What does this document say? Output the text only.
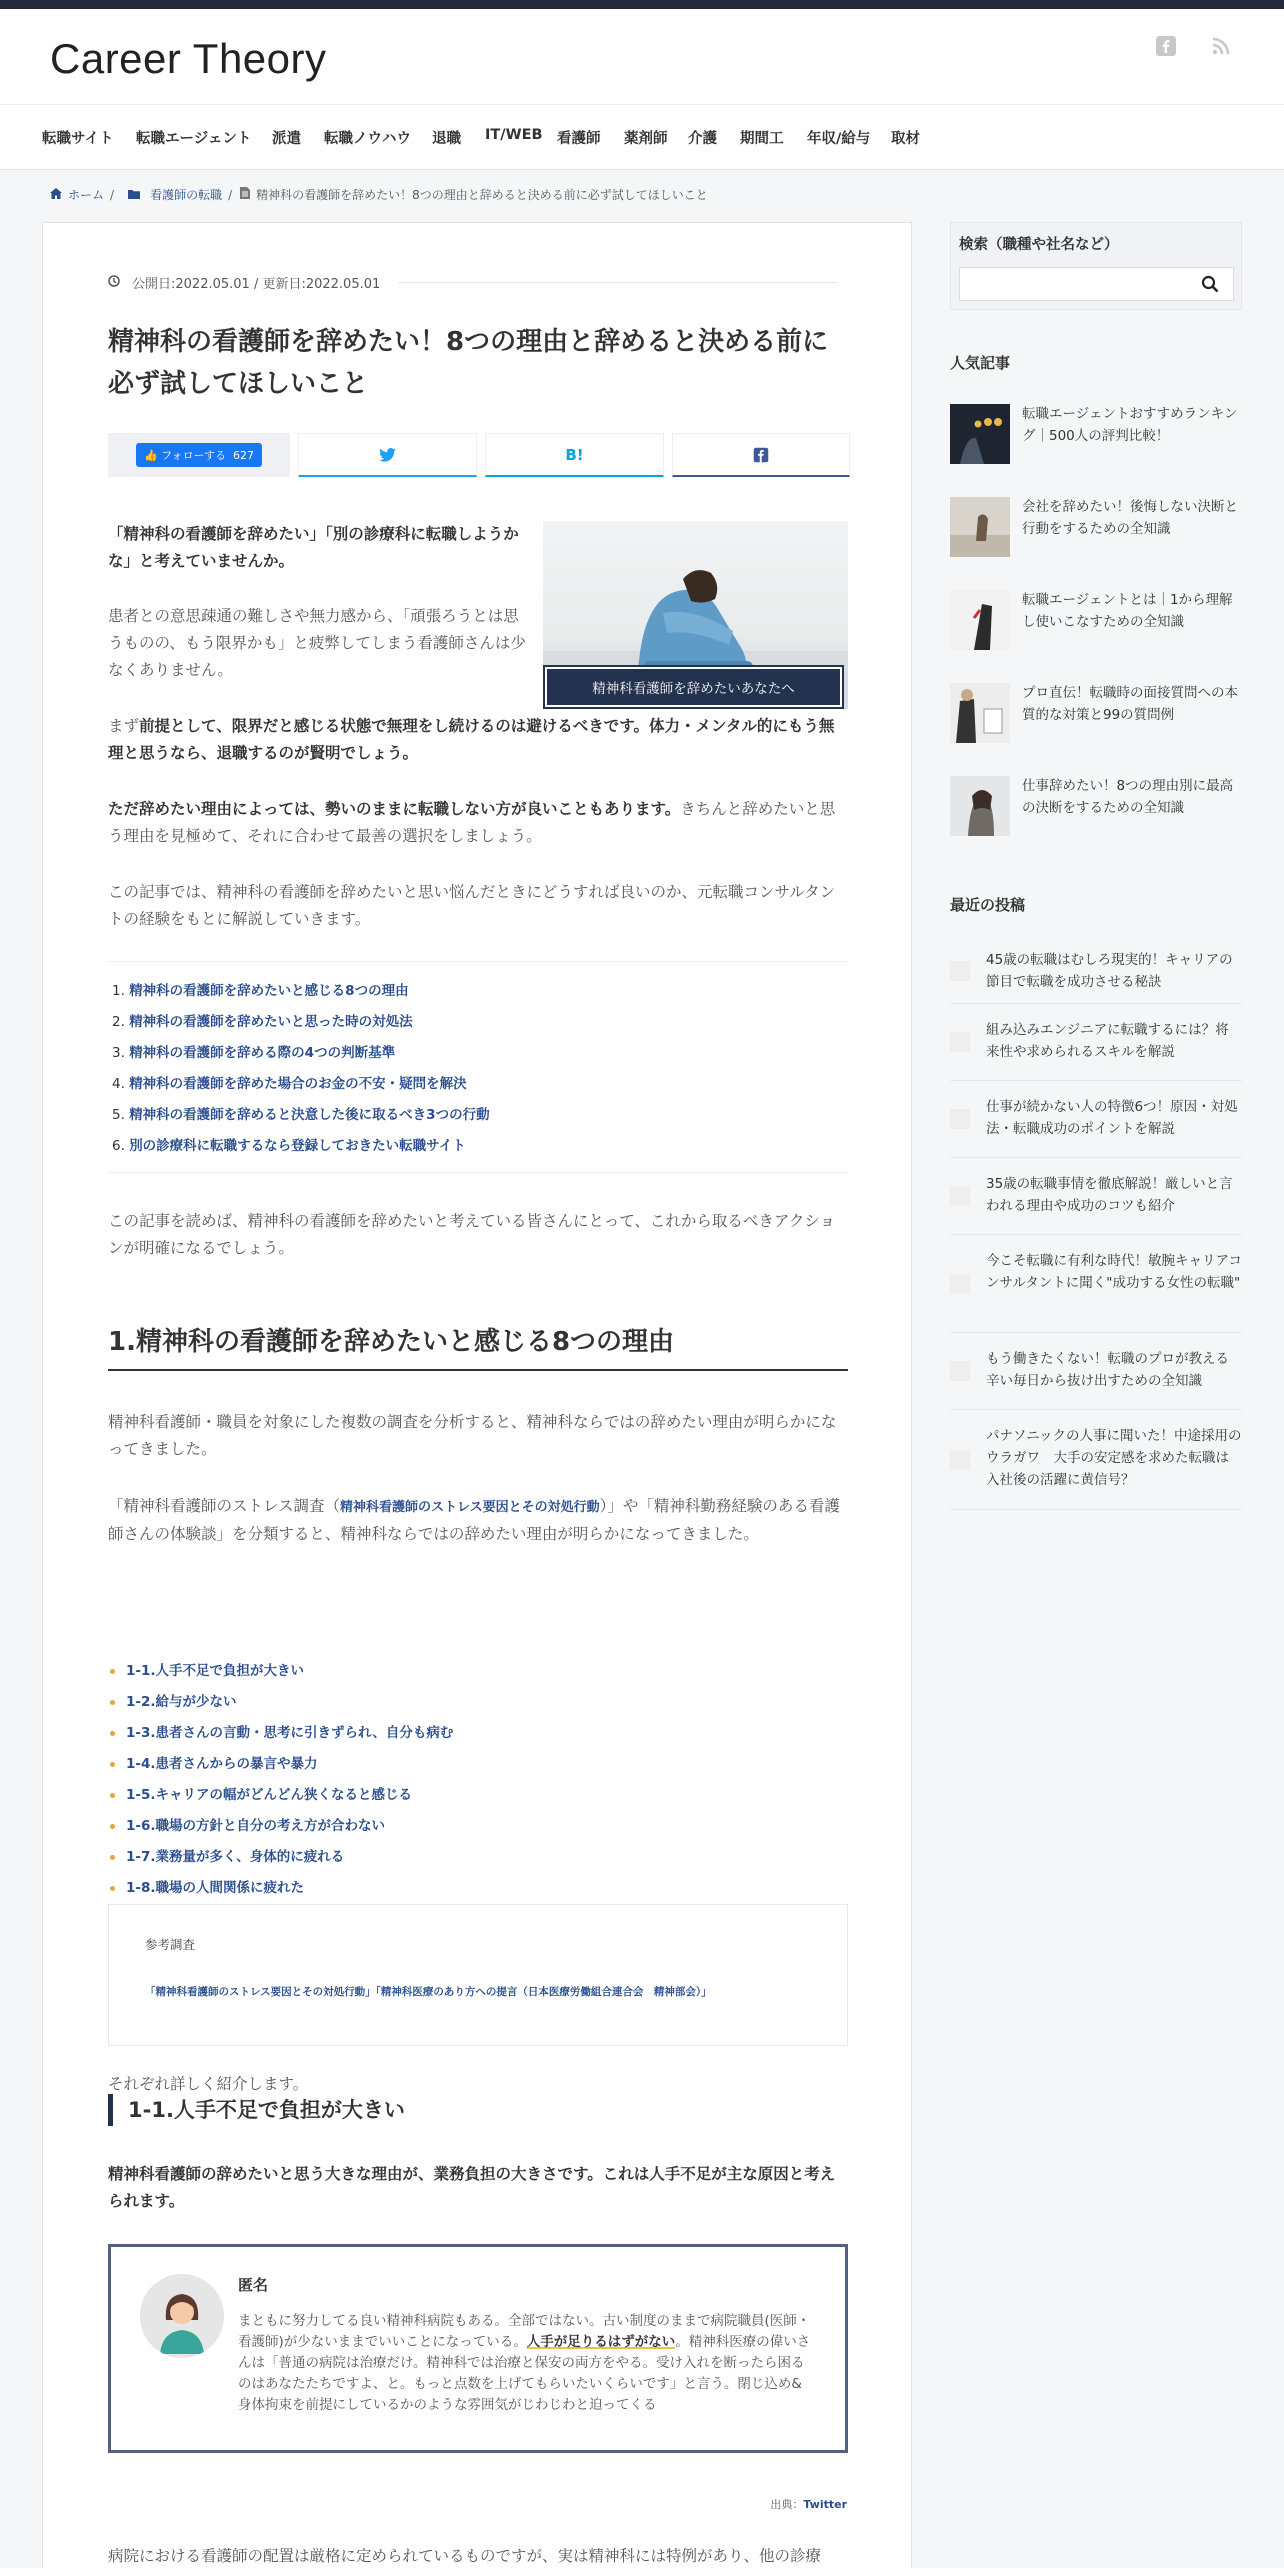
Career Theory
転職サイト 転職エージェント 派遣 転職ノウハウ 退職 IT/WEB 看護師 薬剤師 介護 期間工 年収/給与 取材
ホーム /	看護師の転職 / 精神科の看護師を辞めたい！8つの理由と辞めると決める前に必ず試してほしいこと
公開日:2022.05.01 / 更新日:2022.05.01
精神科の看護師を辞めたい！8つの理由と辞めると決める前に必ず試してほしいこと
👍 フォローする 627	B!
精神科看護師を辞めたいあなたへ

「精神科の看護師を辞めたい」「別の診療科に転職しようかな」と考えていませんか。

患者との意思疎通の難しさや無力感から、「頑張ろうとは思うものの、もう限界かも」と疲弊してしまう看護師さんは少なくありません。

まず前提として、限界だと感じる状態で無理をし続けるのは避けるべきです。体力・メンタル的にもう無理と思うなら、退職するのが賢明でしょう。

ただ辞めたい理由によっては、勢いのままに転職しない方が良いこともあります。きちんと辞めたいと思う理由を見極めて、それに合わせて最善の選択をしましょう。

この記事では、精神科の看護師を辞めたいと思い悩んだときにどうすれば良いのか、元転職コンサルタントの経験をもとに解説していきます。

1. 精神科の看護師を辞めたいと感じる8つの理由
2. 精神科の看護師を辞めたいと思った時の対処法
3. 精神科の看護師を辞める際の4つの判断基準
4. 精神科の看護師を辞めた場合のお金の不安・疑問を解決
5. 精神科の看護師を辞めると決意した後に取るべき3つの行動
6. 別の診療科に転職するなら登録しておきたい転職サイト

この記事を読めば、精神科の看護師を辞めたいと考えている皆さんにとって、これから取るべきアクションが明確になるでしょう。

1.精神科の看護師を辞めたいと感じる8つの理由

精神科看護師・職員を対象にした複数の調査を分析すると、精神科ならではの辞めたい理由が明らかになってきました。

「精神科看護師のストレス調査（精神科看護師のストレス要因とその対処行動）」や「精神科勤務経験のある看護師さんの体験談」を分類すると、精神科ならではの辞めたい理由が明らかになってきました。

1-1.人手不足で負担が大きい
1-2.給与が少ない
1-3.患者さんの言動・思考に引きずられ、自分も病む
1-4.患者さんからの暴言や暴力
1-5.キャリアの幅がどんどん狭くなると感じる
1-6.職場の方針と自分の考え方が合わない
1-7.業務量が多く、身体的に疲れる
1-8.職場の人間関係に疲れた

それぞれ詳しく紹介します。

参考調査
「精神科看護師のストレス要因とその対処行動」「精神科医療のあり方への提言（日本医療労働組合連合会　精神部会）」
1-1.人手不足で負担が大きい

精神科看護師の辞めたいと思う大きな理由が、業務負担の大きさです。これは人手不足が主な原因と考えられます。

匿名

まともに努力してる良い精神科病院もある。全部ではない。古い制度のままで病院職員(医師・看護師)が少ないままでいいことになっている。人手が足りるはずがない。精神科医療の偉いさんは「普通の病院は治療だけ。精神科では治療と保安の両方をやる。受け入れを断ったら困るのはあなたたちですよ、と。もっと点数を上げてもらいたいくらいです」と言う。閉じ込め&身体拘束を前提にしているかのような雰囲気がじわじわと迫ってくる

出典：Twitter

病院における看護師の配置は厳格に定められているものですが、実は精神科には特例があり、他の診療

検索（職種や社名など）
人気記事
転職エージェントおすすめランキング｜500人の評判比較！
会社を辞めたい！後悔しない決断と行動をするための全知識
転職エージェントとは｜1から理解し使いこなすための全知識
プロ直伝！転職時の面接質問への本質的な対策と99の質問例
仕事辞めたい！8つの理由別に最高の決断をするための全知識
最近の投稿
45歳の転職はむしろ現実的！キャリアの節目で転職を成功させる秘訣
組み込みエンジニアに転職するには？将来性や求められるスキルを解説
仕事が続かない人の特徴6つ！原因・対処法・転職成功のポイントを解説
35歳の転職事情を徹底解説！厳しいと言われる理由や成功のコツも紹介
今こそ転職に有利な時代！敏腕キャリアコンサルタントに聞く"成功する女性の転職"
もう働きたくない！転職のプロが教える辛い毎日から抜け出すための全知識
パナソニックの人事に聞いた！中途採用のウラガワ　大手の安定感を求めた転職は入社後の活躍に黄信号？
